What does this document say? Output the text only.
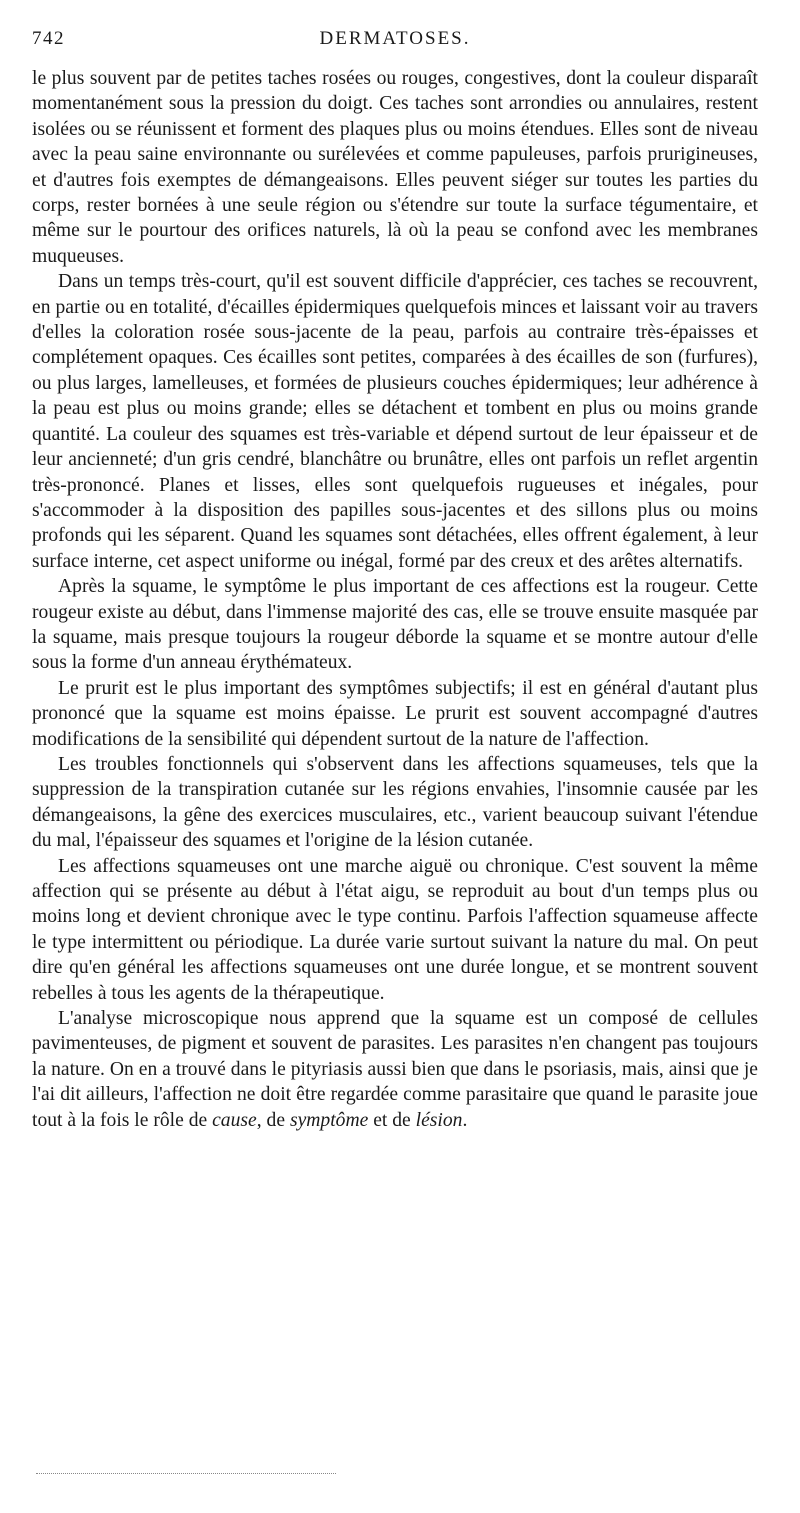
742	DERMATOSES.

le plus souvent par de petites taches rosées ou rouges, congestives, dont la couleur disparaît momentanément sous la pression du doigt. Ces taches sont arrondies ou annulaires, restent isolées ou se réunissent et forment des plaques plus ou moins étendues. Elles sont de niveau avec la peau saine environnante ou surélevées et comme papuleuses, parfois prurigineuses, et d'autres fois exemptes de démangeaisons. Elles peuvent siéger sur toutes les parties du corps, rester bornées à une seule région ou s'étendre sur toute la surface tégumentaire, et même sur le pourtour des orifices naturels, là où la peau se confond avec les membranes muqueuses.

Dans un temps très-court, qu'il est souvent difficile d'apprécier, ces taches se recouvrent, en partie ou en totalité, d'écailles épidermiques quelquefois minces et laissant voir au travers d'elles la coloration rosée sous-jacente de la peau, parfois au contraire très-épaisses et complétement opaques. Ces écailles sont petites, comparées à des écailles de son (furfures), ou plus larges, lamelleuses, et formées de plusieurs couches épidermiques; leur adhérence à la peau est plus ou moins grande; elles se détachent et tombent en plus ou moins grande quantité. La couleur des squames est très-variable et dépend surtout de leur épaisseur et de leur ancienneté; d'un gris cendré, blanchâtre ou brunâtre, elles ont parfois un reflet argentin très-prononcé. Planes et lisses, elles sont quelquefois rugueuses et inégales, pour s'accommoder à la disposition des papilles sous-jacentes et des sillons plus ou moins profonds qui les séparent. Quand les squames sont détachées, elles offrent également, à leur surface interne, cet aspect uniforme ou inégal, formé par des creux et des arêtes alternatifs.

Après la squame, le symptôme le plus important de ces affections est la rougeur. Cette rougeur existe au début, dans l'immense majorité des cas, elle se trouve ensuite masquée par la squame, mais presque toujours la rougeur déborde la squame et se montre autour d'elle sous la forme d'un anneau érythémateux.

Le prurit est le plus important des symptômes subjectifs; il est en général d'autant plus prononcé que la squame est moins épaisse. Le prurit est souvent accompagné d'autres modifications de la sensibilité qui dépendent surtout de la nature de l'affection.

Les troubles fonctionnels qui s'observent dans les affections squameuses, tels que la suppression de la transpiration cutanée sur les régions envahies, l'insomnie causée par les démangeaisons, la gêne des exercices musculaires, etc., varient beaucoup suivant l'étendue du mal, l'épaisseur des squames et l'origine de la lésion cutanée.

Les affections squameuses ont une marche aiguë ou chronique. C'est souvent la même affection qui se présente au début à l'état aigu, se reproduit au bout d'un temps plus ou moins long et devient chronique avec le type continu. Parfois l'affection squameuse affecte le type intermittent ou périodique. La durée varie surtout suivant la nature du mal. On peut dire qu'en général les affections squameuses ont une durée longue, et se montrent souvent rebelles à tous les agents de la thérapeutique.

L'analyse microscopique nous apprend que la squame est un composé de cellules pavimenteuses, de pigment et souvent de parasites. Les parasites n'en changent pas toujours la nature. On en a trouvé dans le pityriasis aussi bien que dans le psoriasis, mais, ainsi que je l'ai dit ailleurs, l'affection ne doit être regardée comme parasitaire que quand le parasite joue tout à la fois le rôle de cause, de symptôme et de lésion.
